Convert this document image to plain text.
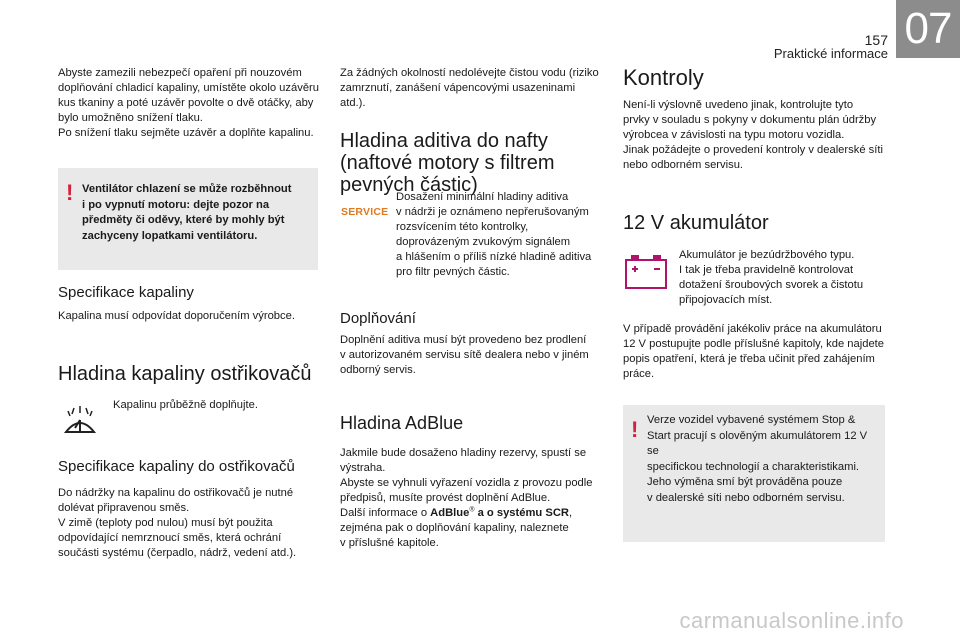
157
Praktické informace
07

Abyste zamezili nebezpečí opaření při nouzovém

doplňování chladicí kapaliny, umístěte okolo uzávěru

kus tkaniny a poté uzávěr povolte o dvě otáčky, aby

bylo umožněno snížení tlaku.

Po snížení tlaku sejměte uzávěr a doplňte kapalinu.

! Ventilátor chlazení se může rozběhnout

i po vypnutí motoru: dejte pozor na

předměty či oděvy, které by mohly být

zachyceny lopatkami ventilátoru.

Specifikace kapaliny

Kapalina musí odpovídat doporučením výrobce.

Hladina kapaliny ostřikovačů

Kapalinu průběžně doplňujte.

Specifikace kapaliny do ostřikovačů

Do nádržky na kapalinu do ostřikovačů je nutné

dolévat připravenou směs.

V zimě (teploty pod nulou) musí být použita

odpovídající nemrznoucí směs, která ochrání

součásti systému (čerpadlo, nádrž, vedení atd.).

Za žádných okolností nedolévejte čistou vodu (riziko

zamrznutí, zanášení vápencovými usazeninami

atd.).

Hladina aditiva do nafty

(naftové motory s filtrem

pevných částic)

SERVICE

Dosažení minimální hladiny aditiva

v nádrži je oznámeno nepřerušovaným

rozsvícením této kontrolky,

doprovázeným zvukovým signálem

a hlášením o příliš nízké hladině aditiva

pro filtr pevných částic.

Doplňování

Doplnění aditiva musí být provedeno bez prodlení

v autorizovaném servisu sítě dealera nebo v jiném

odborný servis.

Hladina AdBlue

Jakmile bude dosaženo hladiny rezervy, spustí se

výstraha.

Abyste se vyhnuli vyřazení vozidla z provozu podle

předpisů, musíte provést doplnění AdBlue.

Další informace o AdBlue® a o systému SCR,

zejména pak o doplňování kapaliny, naleznete

v příslušné kapitole.

Kontroly

Není-li výslovně uvedeno jinak, kontrolujte tyto

prvky v souladu s pokyny v dokumentu plán údržby

výrobcea v závislosti na typu motoru vozidla.

Jinak požádejte o provedení kontroly v dealerské síti

nebo odborném servisu.

12 V akumulátor

Akumulátor je bezúdržbového typu.

I tak je třeba pravidelně kontrolovat

dotažení šroubových svorek a čistotu

připojovacích míst.

V případě provádění jakékoliv práce na akumulátoru

12 V postupujte podle příslušné kapitoly, kde najdete

popis opatření, která je třeba učinit před zahájením

práce.

! Verze vozidel vybavené systémem Stop &

Start pracují s olověným akumulátorem 12 V se

specifickou technologií a charakteristikami.

Jeho výměna smí být prováděna pouze

v dealerské síti nebo odborném servisu.

carmanualsonline.info
